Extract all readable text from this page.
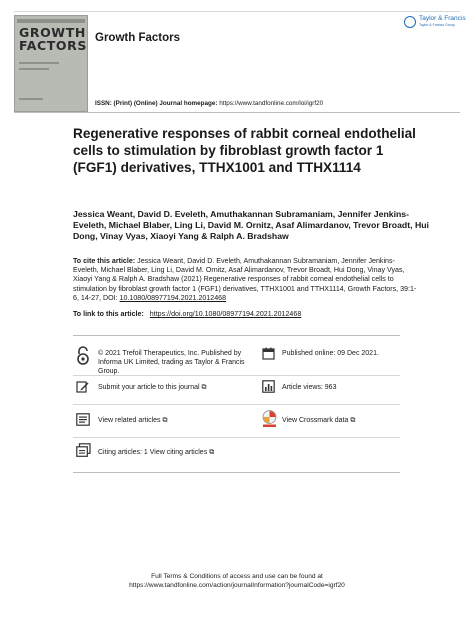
GROWTH
FACTORS Growth Factors
Taylor & Francis
Taylor & Francis Group
ISSN: (Print) (Online) Journal homepage: https://www.tandfonline.com/loi/igrf20
Regenerative responses of rabbit corneal endothelial cells to stimulation by fibroblast growth factor 1 (FGF1) derivatives, TTHX1001 and TTHX1114
Jessica Weant, David D. Eveleth, Amuthakannan Subramaniam, Jennifer Jenkins-Eveleth, Michael Blaber, Ling Li, David M. Ornitz, Asaf Alimardanov, Trevor Broadt, Hui Dong, Vinay Vyas, Xiaoyi Yang & Ralph A. Bradshaw
To cite this article: Jessica Weant, David D. Eveleth, Amuthakannan Subramaniam, Jennifer Jenkins-Eveleth, Michael Blaber, Ling Li, David M. Ornitz, Asaf Alimardanov, Trevor Broadt, Hui Dong, Vinay Vyas, Xiaoyi Yang & Ralph A. Bradshaw (2021) Regenerative responses of rabbit corneal endothelial cells to stimulation by fibroblast growth factor 1 (FGF1) derivatives, TTHX1001 and TTHX1114, Growth Factors, 39:1-6, 14-27, DOI: 10.1080/08977194.2021.2012468
To link to this article: https://doi.org/10.1080/08977194.2021.2012468
© 2021 Trefoil Therapeutics, Inc. Published by Informa UK Limited, trading as Taylor & Francis Group.
Published online: 09 Dec 2021.
Submit your article to this journal ⧉	Article views: 963
View related articles ⧉	View Crossmark data ⧉
Citing articles: 1 View citing articles ⧉
Full Terms & Conditions of access and use can be found at
https://www.tandfonline.com/action/journalInformation?journalCode=igrf20
